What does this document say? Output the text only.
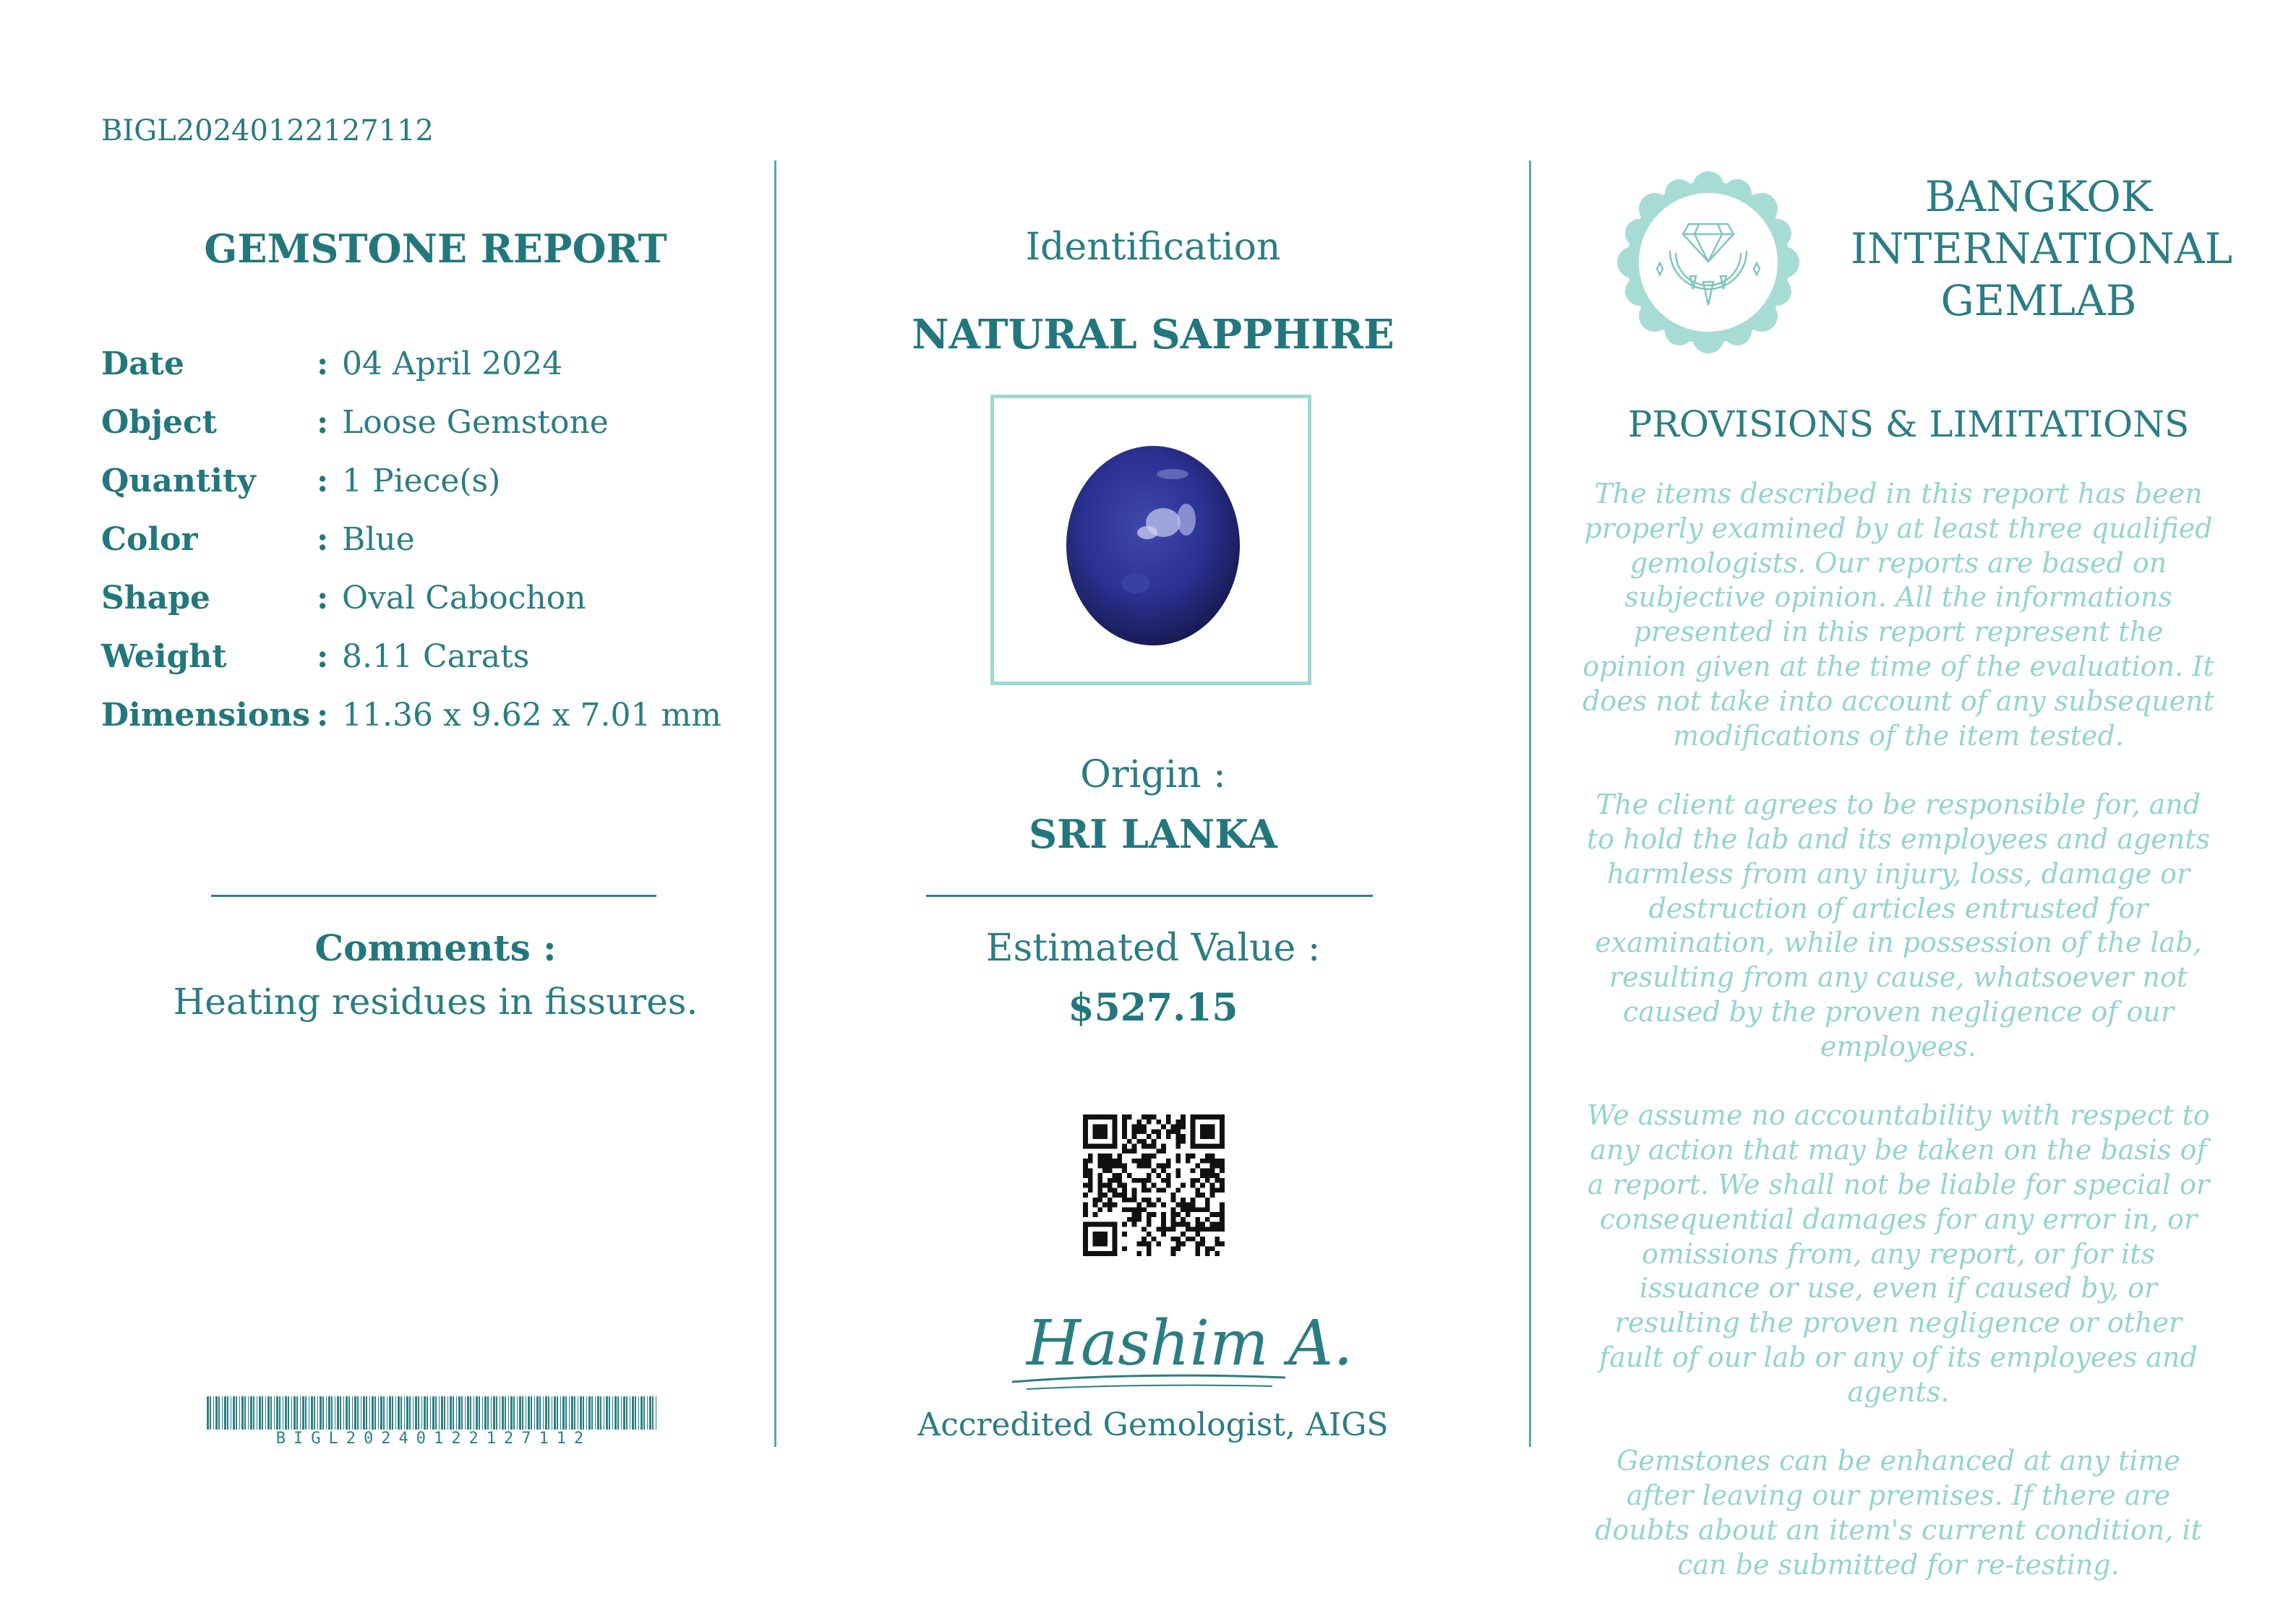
BIGL20240122127112
GEMSTONE REPORT
Date	: 04 April 2024
Object	: Loose Gemstone
Quantity : 1 Piece(s)
Color	: Blue
Shape	: Oval Cabochon
Weight	: 8.11 Carats
Dimensions : 11.36 x 9.62 x 7.01 mm
Comments :
Heating residues in fissures.
BIGL20240122127112
Identification
NATURAL SAPPHIRE
Origin :
SRI LANKA
Estimated Value :
$527.15
Hashim A.
Accredited Gemologist, AIGS
BANGKOK
INTERNATIONAL
GEMLAB
PROVISIONS & LIMITATIONS

The items described in this report has been properly examined by at least three qualified gemologists. Our reports are based on subjective opinion. All the informations presented in this report represent the opinion given at the time of the evaluation. It does not take into account of any subsequent modifications of the item tested.

The client agrees to be responsible for, and to hold the lab and its employees and agents harmless from any injury, loss, damage or destruction of articles entrusted for examination, while in possession of the lab, resulting from any cause, whatsoever not caused by the proven negligence of our employees.

We assume no accountability with respect to any action that may be taken on the basis of a report. We shall not be liable for special or consequential damages for any error in, or omissions from, any report, or for its issuance or use, even if caused by, or resulting the proven negligence or other fault of our lab or any of its employees and agents.

Gemstones can be enhanced at any time after leaving our premises. If there are doubts about an item's current condition, it can be submitted for re-testing.
